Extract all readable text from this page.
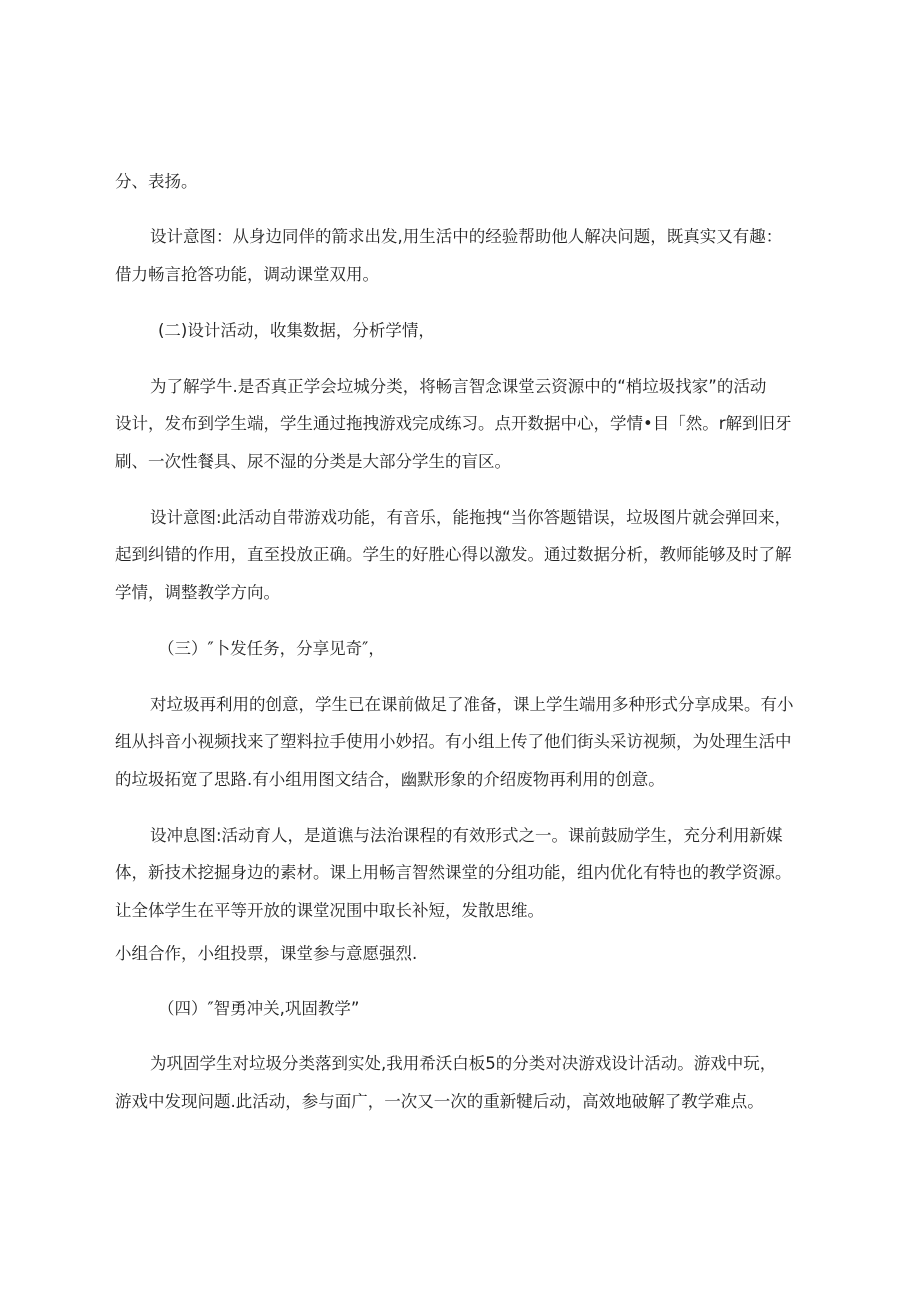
分、表扬。
设计意图：从身边同伴的箭求出发,用生活中的经验帮助他人解决问题，既真实又有趣：
借力畅言抢答功能，调动课堂双用。
(二)设计活动，收集数据，分析学情，
为了解学牛.是否真正学会垃城分类，将畅言智念课堂云资源中的“梢垃圾找家”的活动
设计，发布到学生端，学生通过拖拽游戏完成练习。点开数据中心，学情•目「然。r解到旧牙
刷、一次性餐具、尿不湿的分类是大部分学生的盲区。
设计意图:此活动自带游戏功能，有音乐，能拖拽“当你答题错误，垃圾图片就会弹回来，
起到纠错的作用，直至投放正确。学生的好胜心得以激发。通过数据分析，教师能够及时了解
学情，调整教学方向。
（三）″卜发任务，分享见奇″，
对垃圾再利用的创意，学生已在课前做足了准备，课上学生端用多种形式分享成果。有小
组从抖音小视频找来了塑料拉手使用小妙招。有小组上传了他们街头采访视频，为处理生活中
的垃圾拓宽了思路.有小组用图文结合，幽默形象的介绍废物再利用的创意。
设冲息图:活动育人，是道谯与法治课程的有效形式之一。课前鼓励学生，充分利用新媒
体，新技术挖掘身边的素材。课上用畅言智然课堂的分组功能，组内优化有特也的教学资源。
让全体学生在平等开放的课堂况围中取长补短，发散思维。
小组合作，小组投票，课堂参与意愿强烈.
（四）″智勇冲关,巩固教学”
为巩固学生对垃圾分类落到实处,我用希沃白板5的分类对决游戏设计活动。游戏中玩，
游戏中发现问题.此活动，参与面广，一次又一次的重新犍后动，高效地破解了教学难点。
